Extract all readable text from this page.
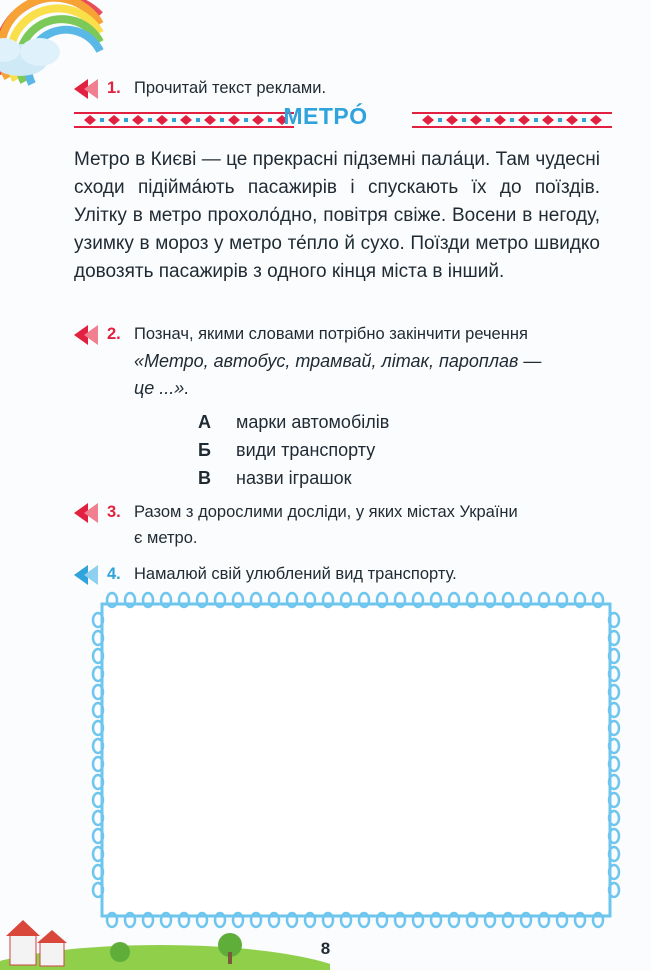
1. Прочитай текст реклами.
МЕТРÓ

Метро в Києві — це прекрасні підземні пала́ци. Там чудесні сходи підійма́ють пасажирів і спускають їх до поїздів. Улітку в метро прохоло́дно, повітря свіже. Восени в негоду, узимку в мороз у метро те́пло й сухо. Поїзди метро швидко довозять пасажирів з одного кінця міста в інший.

2. Познач, якими словами потрібно закінчити речення
«Метро, автобус, трамвай, літак, пароплав —
це ...».
А марки автомобілів
Б види транспорту
В назви іграшок
3. Разом з дорослими досліди, у яких містах України
є метро.
4. Намалюй свій улюблений вид транспорту.
8
